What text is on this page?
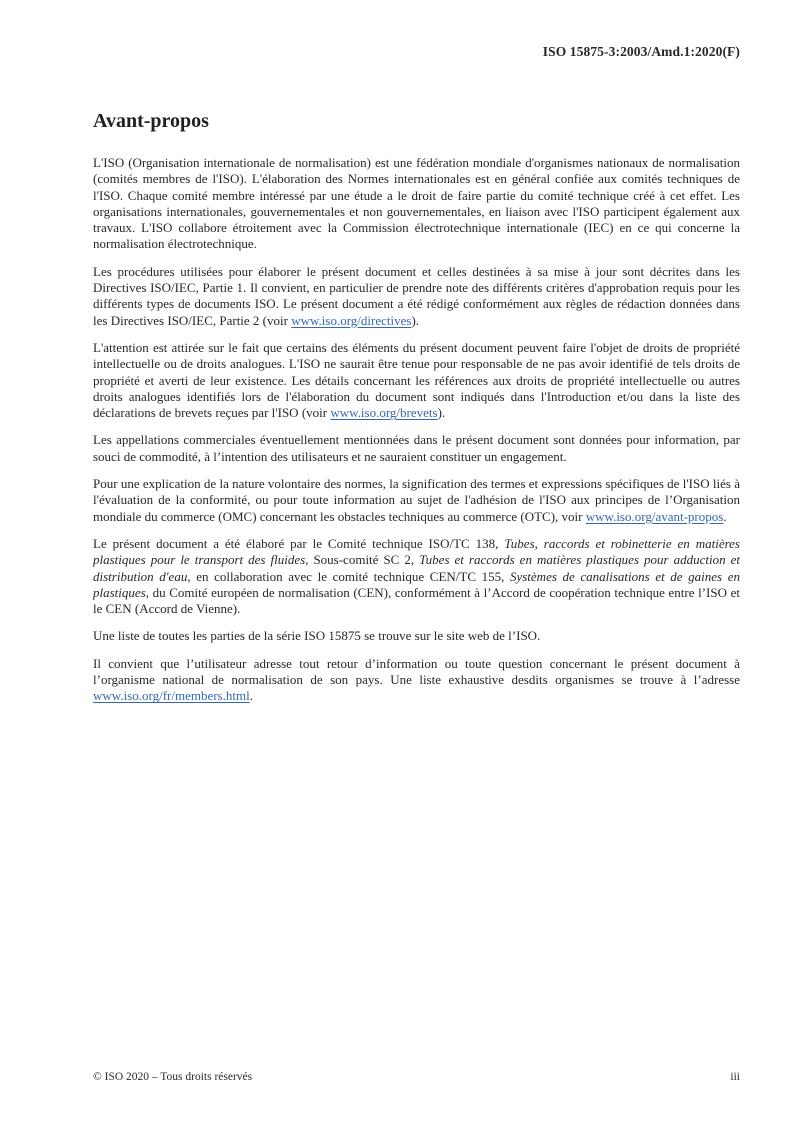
ISO 15875-3:2003/Amd.1:2020(F)
Avant-propos

L'ISO (Organisation internationale de normalisation) est une fédération mondiale d'organismes nationaux de normalisation (comités membres de l'ISO). L'élaboration des Normes internationales est en général confiée aux comités techniques de l'ISO. Chaque comité membre intéressé par une étude a le droit de faire partie du comité technique créé à cet effet. Les organisations internationales, gouvernementales et non gouvernementales, en liaison avec l'ISO participent également aux travaux. L'ISO collabore étroitement avec la Commission électrotechnique internationale (IEC) en ce qui concerne la normalisation électrotechnique.

Les procédures utilisées pour élaborer le présent document et celles destinées à sa mise à jour sont décrites dans les Directives ISO/IEC, Partie 1. Il convient, en particulier de prendre note des différents critères d'approbation requis pour les différents types de documents ISO. Le présent document a été rédigé conformément aux règles de rédaction données dans les Directives ISO/IEC, Partie 2 (voir www.iso.org/directives).

L'attention est attirée sur le fait que certains des éléments du présent document peuvent faire l'objet de droits de propriété intellectuelle ou de droits analogues. L'ISO ne saurait être tenue pour responsable de ne pas avoir identifié de tels droits de propriété et averti de leur existence. Les détails concernant les références aux droits de propriété intellectuelle ou autres droits analogues identifiés lors de l'élaboration du document sont indiqués dans l'Introduction et/ou dans la liste des déclarations de brevets reçues par l'ISO (voir www.iso.org/brevets).

Les appellations commerciales éventuellement mentionnées dans le présent document sont données pour information, par souci de commodité, à l’intention des utilisateurs et ne sauraient constituer un engagement.

Pour une explication de la nature volontaire des normes, la signification des termes et expressions spécifiques de l'ISO liés à l'évaluation de la conformité, ou pour toute information au sujet de l'adhésion de l'ISO aux principes de l’Organisation mondiale du commerce (OMC) concernant les obstacles techniques au commerce (OTC), voir www.iso.org/avant-propos.

Le présent document a été élaboré par le Comité technique ISO/TC 138, Tubes, raccords et robinetterie en matières plastiques pour le transport des fluides, Sous-comité SC 2, Tubes et raccords en matières plastiques pour adduction et distribution d'eau, en collaboration avec le comité technique CEN/TC 155, Systèmes de canalisations et de gaines en plastiques, du Comité européen de normalisation (CEN), conformément à l’Accord de coopération technique entre l’ISO et le CEN (Accord de Vienne).

Une liste de toutes les parties de la série ISO 15875 se trouve sur le site web de l’ISO.

Il convient que l’utilisateur adresse tout retour d’information ou toute question concernant le présent document à l’organisme national de normalisation de son pays. Une liste exhaustive desdits organismes se trouve à l’adresse www.iso.org/fr/members.html.

© ISO 2020 – Tous droits réservés	iii
